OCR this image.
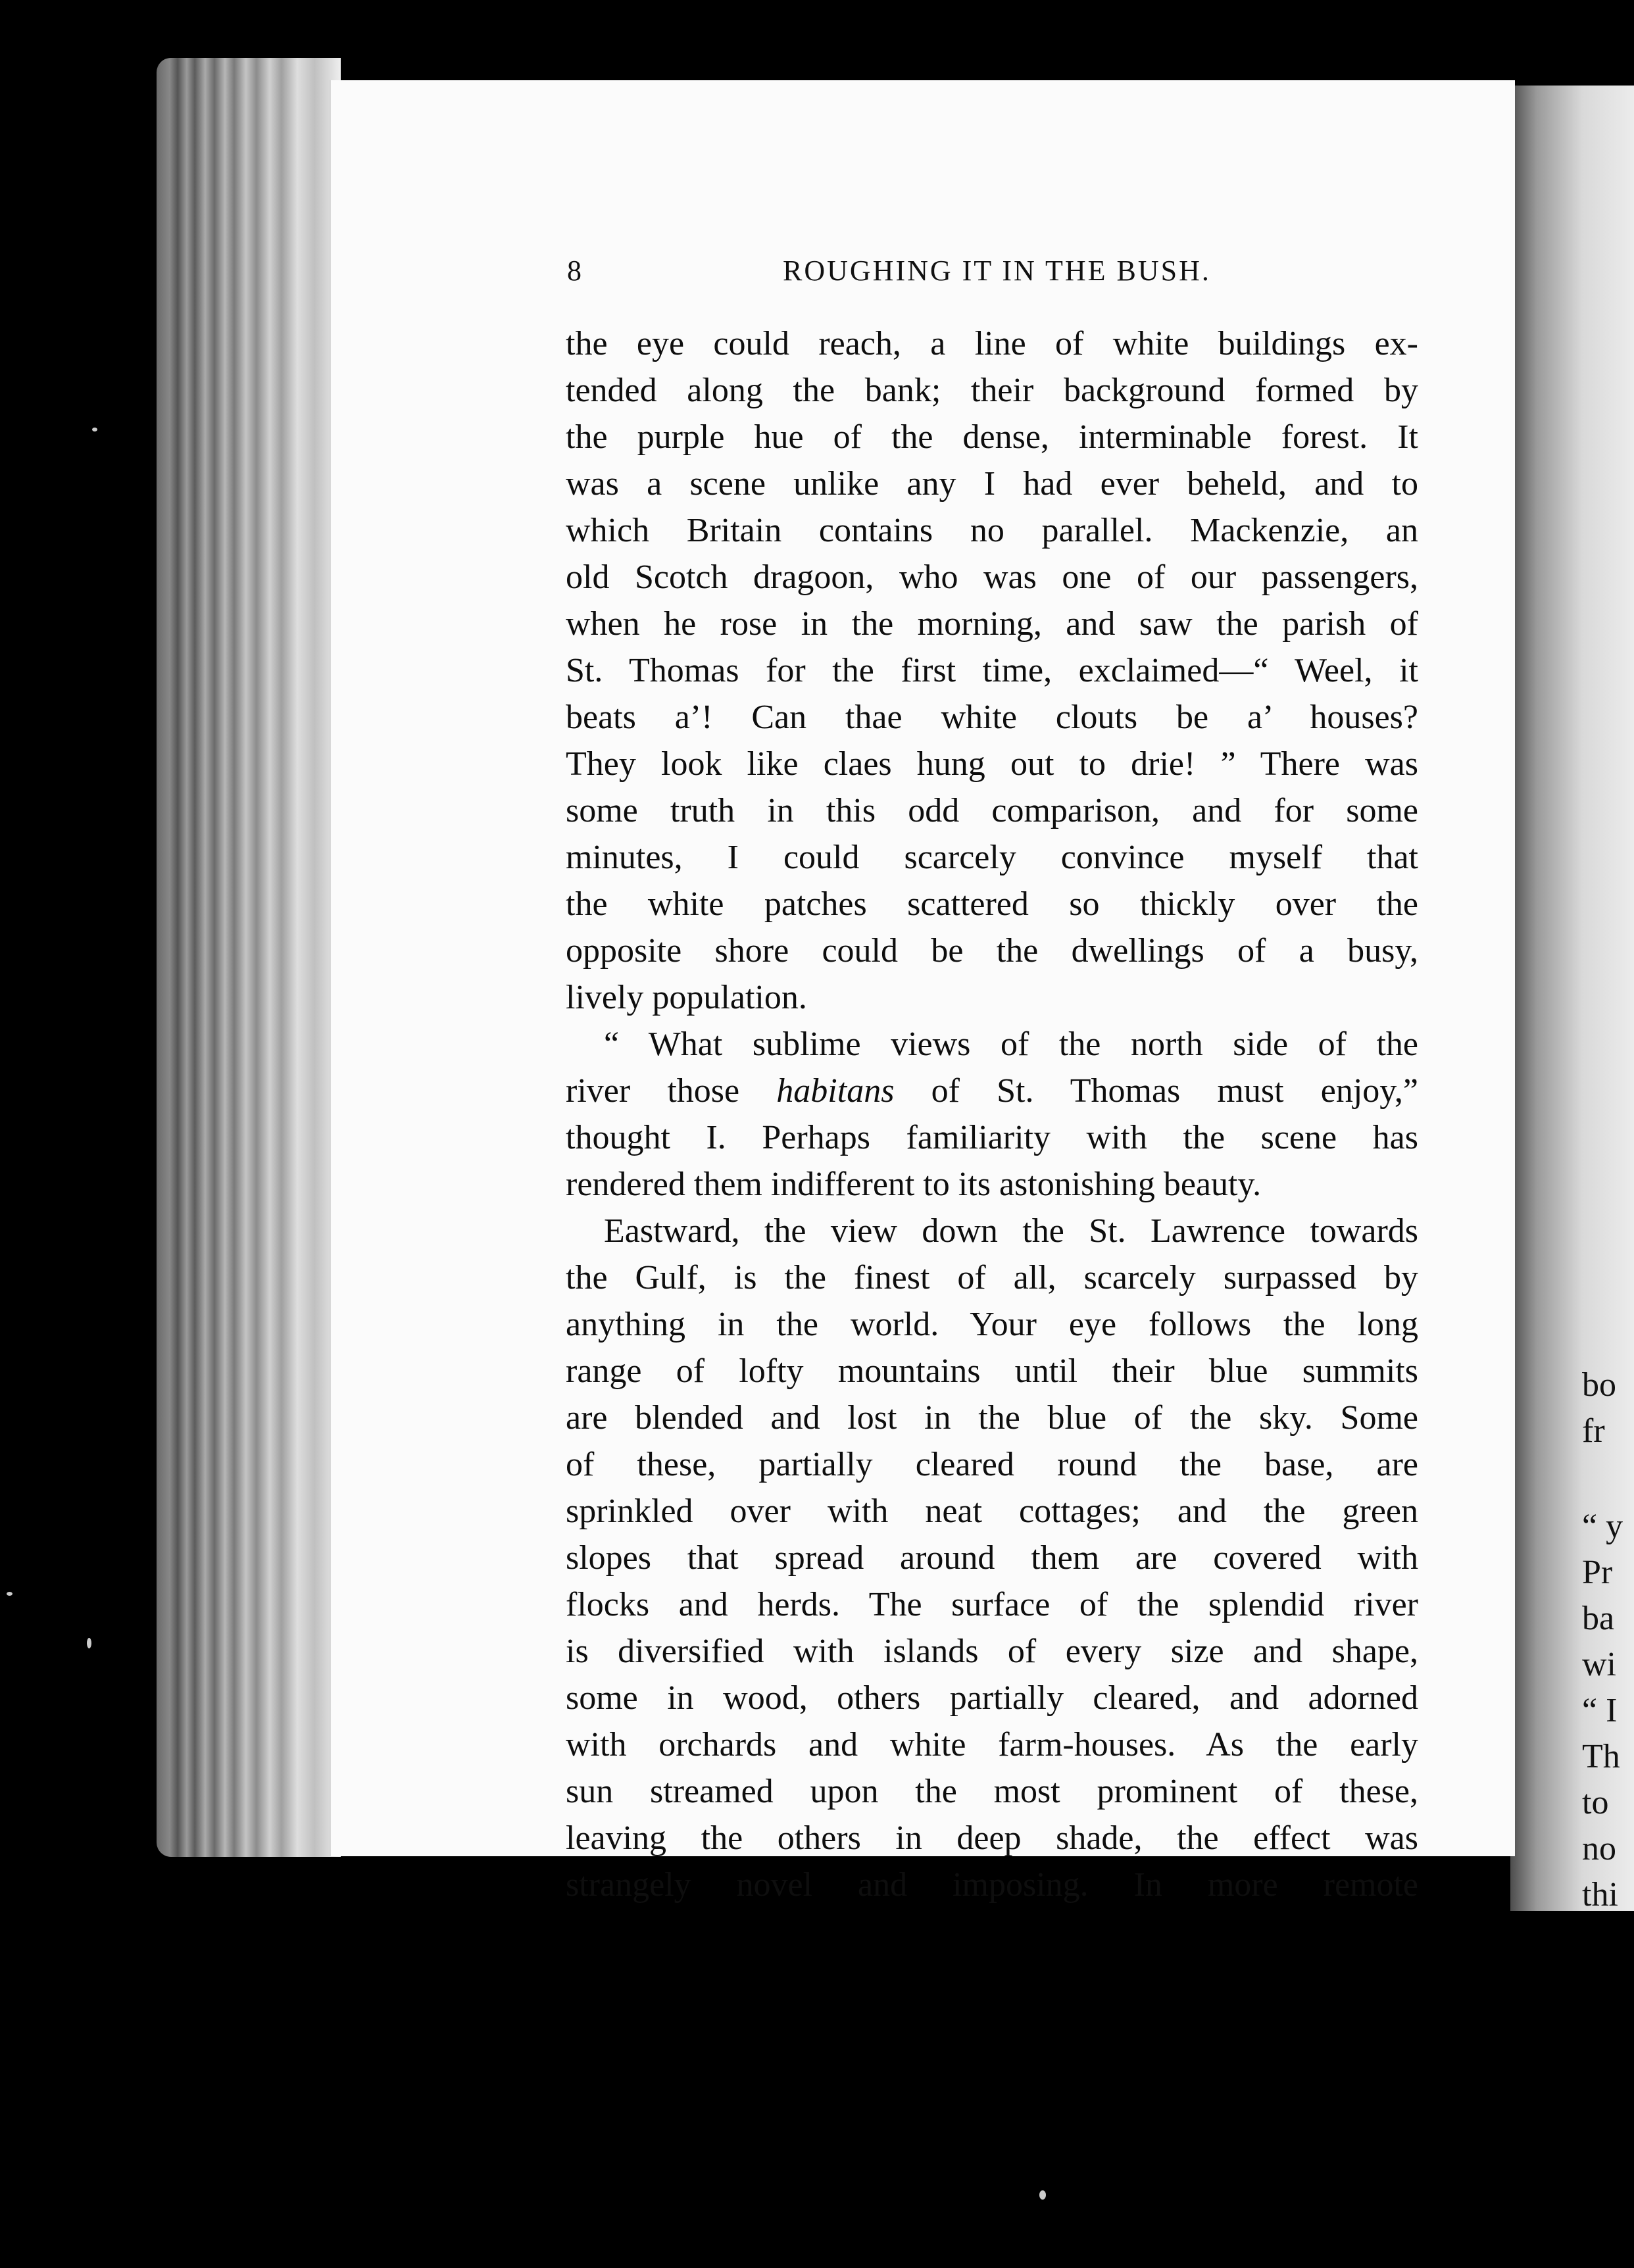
8	ROUGHING IT IN THE BUSH.
the eye could reach, a line of white buildings ex-
tended along the bank; their background formed by
the purple hue of the dense, interminable forest. It
was a scene unlike any I had ever beheld, and to
which Britain contains no parallel. Mackenzie, an
old Scotch dragoon, who was one of our passengers,
when he rose in the morning, and saw the parish of
St. Thomas for the first time, exclaimed—“ Weel, it
beats a’! Can thae white clouts be a’ houses?
They look like claes hung out to drie! ” There was
some truth in this odd comparison, and for some
minutes, I could scarcely convince myself that
the white patches scattered so thickly over the
opposite shore could be the dwellings of a busy,
lively population.
“ What sublime views of the north side of the
river those habitans of St. Thomas must enjoy,”
thought I. Perhaps familiarity with the scene has
rendered them indifferent to its astonishing beauty.
Eastward, the view down the St. Lawrence towards
the Gulf, is the finest of all, scarcely surpassed by
anything in the world. Your eye follows the long
range of lofty mountains until their blue summits
are blended and lost in the blue of the sky. Some
of these, partially cleared round the base, are
sprinkled over with neat cottages; and the green
slopes that spread around them are covered with
flocks and herds. The surface of the splendid river
is diversified with islands of every size and shape,
some in wood, others partially cleared, and adorned
with orchards and white farm-houses. As the early
sun streamed upon the most prominent of these,
leaving the others in deep shade, the effect was
strangely novel and imposing. In more remote
bo
fr
“ y
Pr
ba
wi
“ I
Th
to
no
thi
